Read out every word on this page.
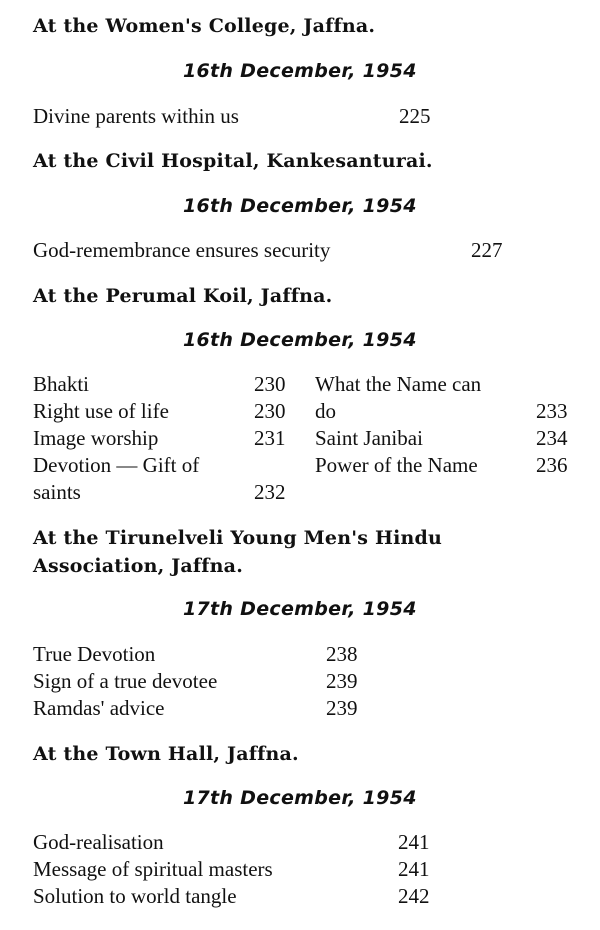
At the Women's College, Jaffna.
16th December, 1954
Divine parents within us	225
At the Civil Hospital, Kankesanturai.
16th December, 1954
God-remembrance ensures security	227
At the Perumal Koil, Jaffna.
16th December, 1954
Bhakti	230
Right use of life	230
Image worship	231
Devotion — Gift of
saints	232
What the Name can
do	233
Saint Janibai	234
Power of the Name	236
At the Tirunelveli Young Men's Hindu
Association, Jaffna.
17th December, 1954
True Devotion	238
Sign of a true devotee	239
Ramdas' advice	239
At the Town Hall, Jaffna.
17th December, 1954
God-realisation	241
Message of spiritual masters	241
Solution to world tangle	242
